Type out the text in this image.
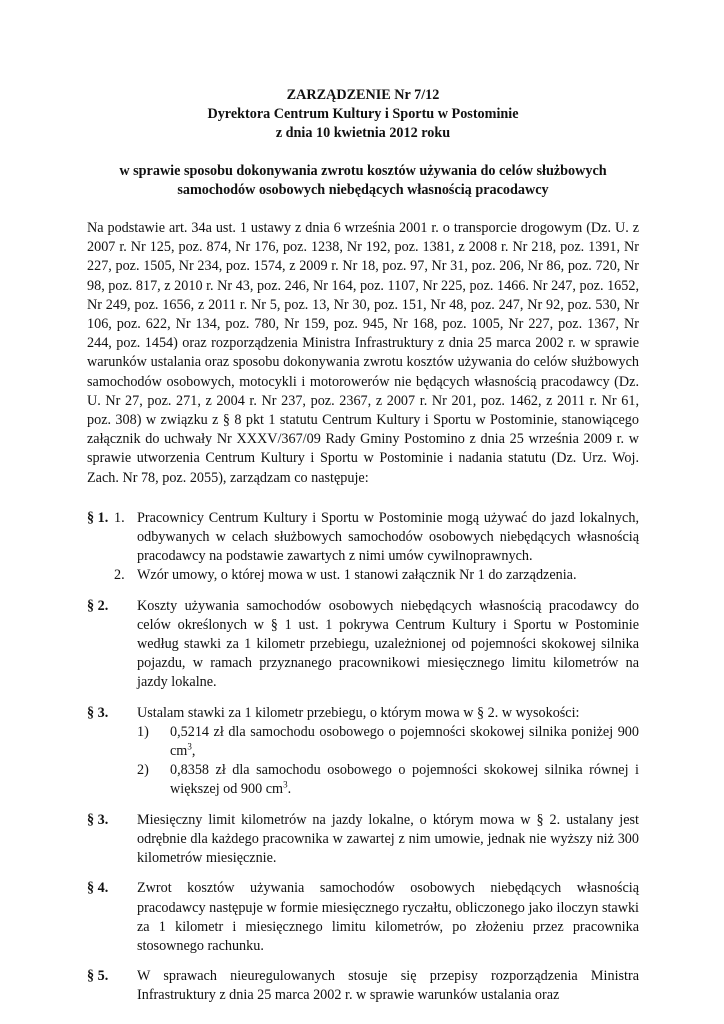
ZARZĄDZENIE Nr 7/12
Dyrektora Centrum Kultury i Sportu w Postominie
z dnia 10 kwietnia 2012 roku
w sprawie sposobu dokonywania zwrotu kosztów używania do celów służbowych
samochodów osobowych niebędących własnością pracodawcy
Na podstawie art. 34a ust. 1 ustawy z dnia 6 września 2001 r. o transporcie drogowym (Dz. U. z 2007 r. Nr 125, poz. 874, Nr 176, poz. 1238, Nr 192, poz. 1381, z 2008 r. Nr 218, poz. 1391, Nr 227, poz. 1505, Nr 234, poz. 1574, z 2009 r. Nr 18, poz. 97, Nr 31, poz. 206, Nr 86, poz. 720, Nr 98, poz. 817, z 2010 r. Nr 43, poz. 246, Nr 164, poz. 1107, Nr 225, poz. 1466. Nr 247, poz. 1652, Nr 249, poz. 1656, z 2011 r. Nr 5, poz. 13, Nr 30, poz. 151, Nr 48, poz. 247, Nr 92, poz. 530, Nr 106, poz. 622, Nr 134, poz. 780, Nr 159, poz. 945, Nr 168, poz. 1005, Nr 227, poz. 1367, Nr 244, poz. 1454) oraz rozporządzenia Ministra Infrastruktury z dnia 25 marca 2002 r. w sprawie warunków ustalania oraz sposobu dokonywania zwrotu kosztów używania do celów służbowych samochodów osobowych, motocykli i motorowerów nie będących własnością pracodawcy (Dz. U. Nr 27, poz. 271, z 2004 r. Nr 237, poz. 2367, z 2007 r. Nr 201, poz. 1462, z 2011 r. Nr 61, poz. 308) w związku z § 8 pkt 1 statutu Centrum Kultury i Sportu w Postominie, stanowiącego załącznik do uchwały Nr XXXV/367/09 Rady Gminy Postomino z dnia 25 września 2009 r. w sprawie utworzenia Centrum Kultury i Sportu w Postominie i nadania statutu (Dz. Urz. Woj. Zach. Nr 78, poz. 2055), zarządzam co następuje:
§ 1. 1. Pracownicy Centrum Kultury i Sportu w Postominie mogą używać do jazd lokalnych, odbywanych w celach służbowych samochodów osobowych niebędących własnością pracodawcy na podstawie zawartych z nimi umów cywilnoprawnych.
2. Wzór umowy, o której mowa w ust. 1 stanowi załącznik Nr 1 do zarządzenia.
§ 2. Koszty używania samochodów osobowych niebędących własnością pracodawcy do celów określonych w § 1 ust. 1 pokrywa Centrum Kultury i Sportu w Postominie według stawki za 1 kilometr przebiegu, uzależnionej od pojemności skokowej silnika pojazdu, w ramach przyznanego pracownikowi miesięcznego limitu kilometrów na jazdy lokalne.
§ 3. Ustalam stawki za 1 kilometr przebiegu, o którym mowa w § 2. w wysokości:
1) 0,5214 zł dla samochodu osobowego o pojemności skokowej silnika poniżej 900 $cm^3$,
2) 0,8358 zł dla samochodu osobowego o pojemności skokowej silnika równej i większej od 900 $cm^3$.
§ 3. Miesięczny limit kilometrów na jazdy lokalne, o którym mowa w § 2. ustalany jest odrębnie dla każdego pracownika w zawartej z nim umowie, jednak nie wyższy niż 300 kilometrów miesięcznie.
§ 4. Zwrot kosztów używania samochodów osobowych niebędących własnością pracodawcy następuje w formie miesięcznego ryczałtu, obliczonego jako iloczyn stawki za 1 kilometr i miesięcznego limitu kilometrów, po złożeniu przez pracownika stosownego rachunku.
§ 5. W sprawach nieuregulowanych stosuje się przepisy rozporządzenia Ministra Infrastruktury z dnia 25 marca 2002 r. w sprawie warunków ustalania oraz
